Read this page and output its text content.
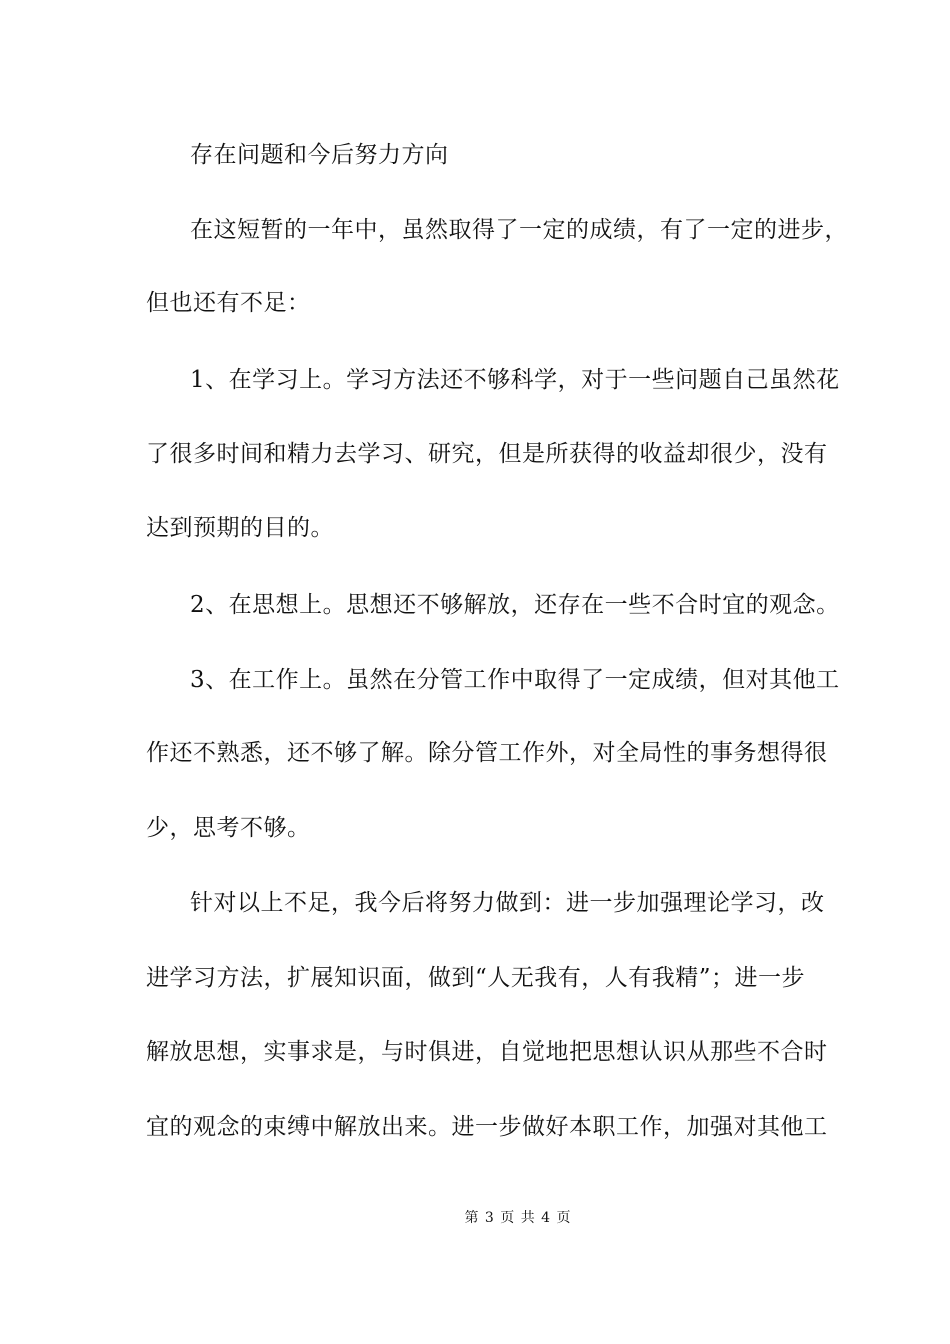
存在问题和今后努力方向
在这短暂的一年中，虽然取得了一定的成绩，有了一定的进步，
但也还有不足：
1、在学习上。学习方法还不够科学，对于一些问题自己虽然花
了很多时间和精力去学习、研究，但是所获得的收益却很少，没有
达到预期的目的。
2、在思想上。思想还不够解放，还存在一些不合时宜的观念。
3、在工作上。虽然在分管工作中取得了一定成绩，但对其他工
作还不熟悉，还不够了解。除分管工作外，对全局性的事务想得很
少，思考不够。
针对以上不足，我今后将努力做到：进一步加强理论学习，改
进学习方法，扩展知识面，做到“人无我有，人有我精”；进一步
解放思想，实事求是，与时俱进，自觉地把思想认识从那些不合时
宜的观念的束缚中解放出来。进一步做好本职工作，加强对其他工
第 3 页 共 4 页
